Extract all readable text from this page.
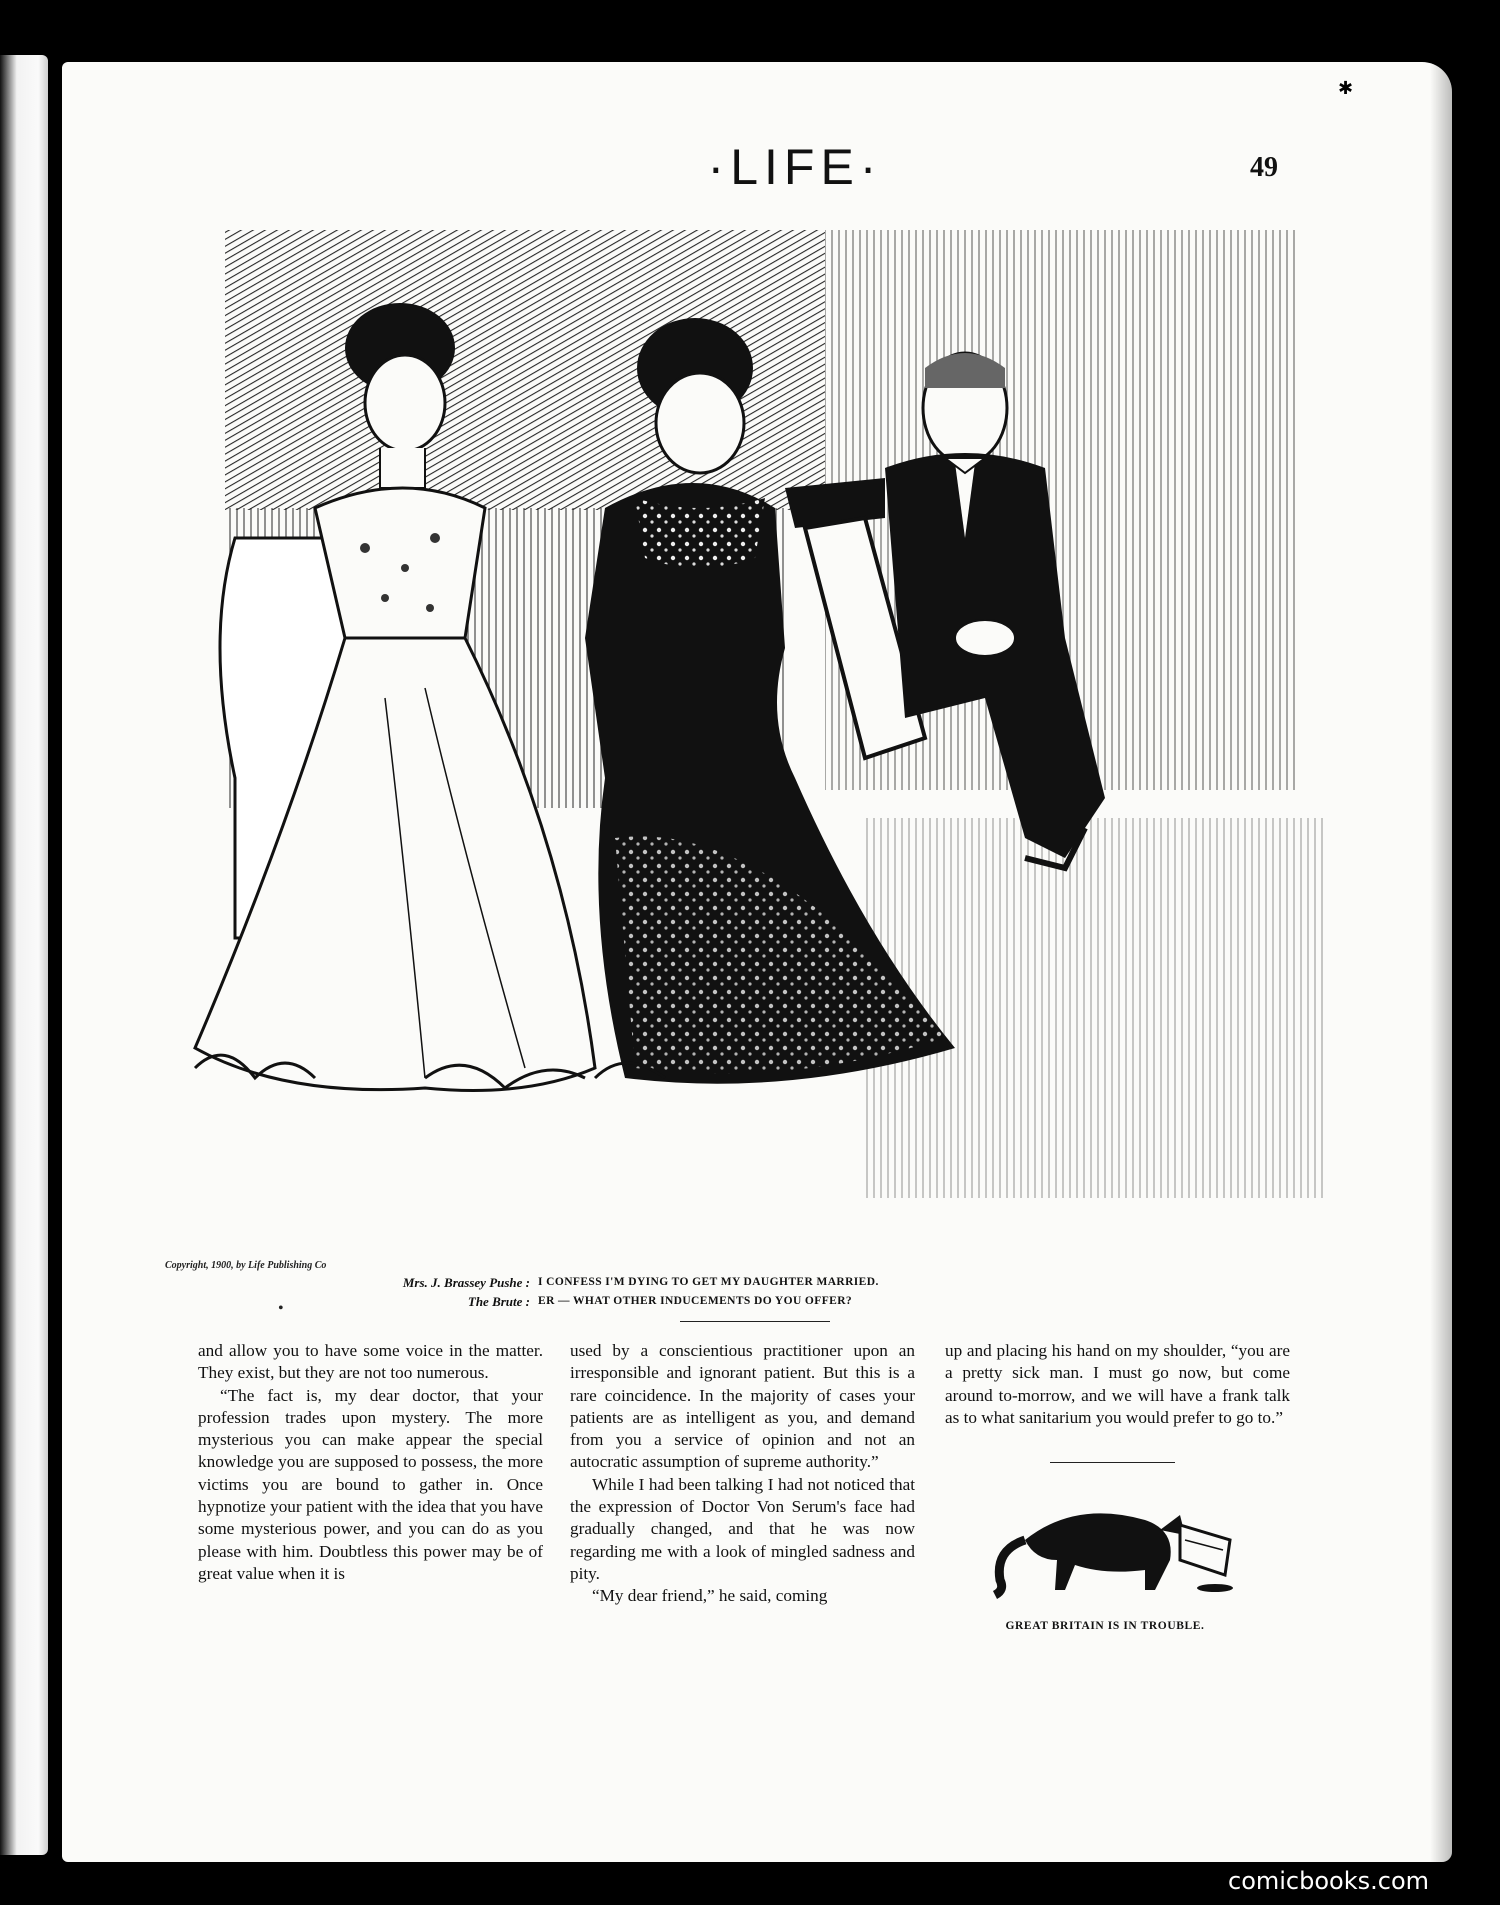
✱
·LIFE·	49
Copyright, 1900, by Life Publishing Co
•
Mrs. J. Brassey Pushe : I CONFESS I'M DYING TO GET MY DAUGHTER MARRIED.
The Brute : ER — WHAT OTHER INDUCEMENTS DO YOU OFFER?

and allow you to have some voice in the matter. They exist, but they are not too numerous.

“The fact is, my dear doctor, that your profession trades upon mystery. The more mysterious you can make appear the special knowledge you are supposed to possess, the more victims you are bound to gather in. Once hypnotize your patient with the idea that you have some mysterious power, and you can do as you please with him. Doubtless this power may be of great value when it is

used by a conscientious practitioner upon an irresponsible and ignorant patient. But this is a rare coincidence. In the majority of cases your patients are as intelligent as you, and demand from you a service of opinion and not an autocratic assumption of supreme authority.”

While I had been talking I had not noticed that the expression of Doctor Von Serum's face had gradually changed, and that he was now regarding me with a look of mingled sadness and pity.

“My dear friend,” he said, coming

up and placing his hand on my shoulder, “you are a pretty sick man. I must go now, but come around to-morrow, and we will have a frank talk as to what sanitarium you would prefer to go to.”

GREAT BRITAIN IS IN TROUBLE.
comicbooks.com
